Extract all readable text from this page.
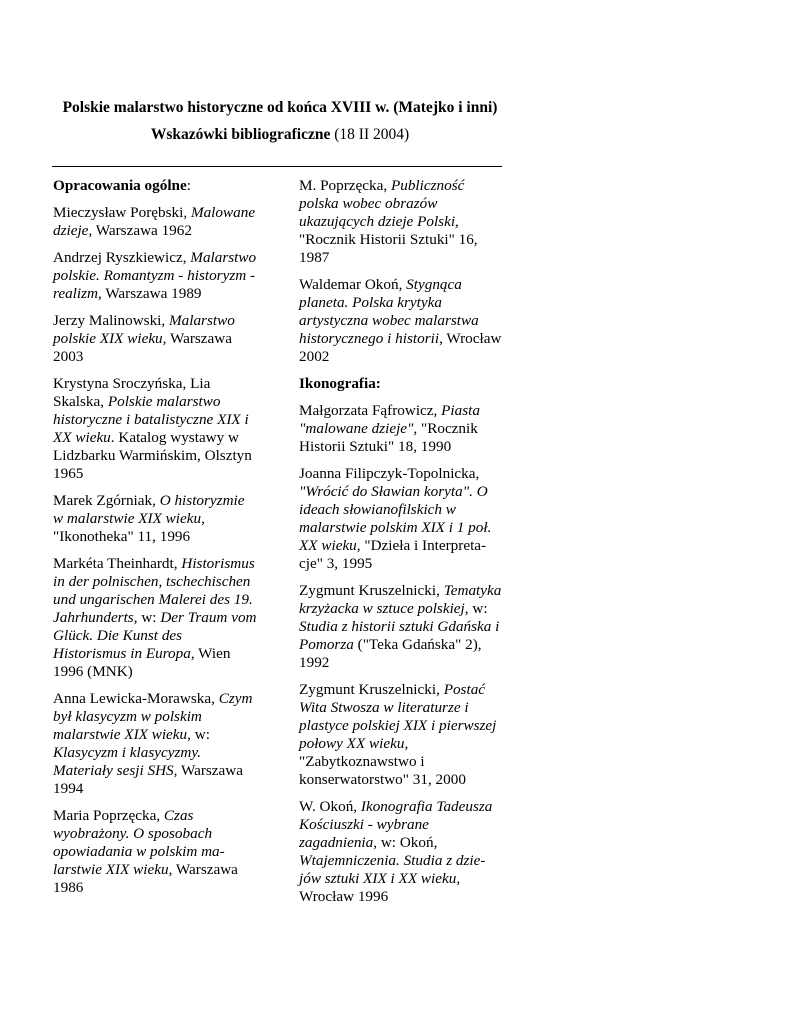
Polskie malarstwo historyczne od końca XVIII w. (Matejko i inni)
Wskazówki bibliograficzne (18 II 2004)
Opracowania ogólne:
Mieczysław Porębski, Malowane dzieje, Warszawa 1962
Andrzej Ryszkiewicz, Malarstwo polskie. Romantyzm - historyzm - realizm, Warszawa 1989
Jerzy Malinowski, Malarstwo polskie XIX wieku, Warszawa 2003
Krystyna Sroczyńska, Lia Skalska, Polskie malarstwo historyczne i batalistyczne XIX i XX wieku. Katalog wystawy w Lidzbarku Warmińskim, Olsztyn 1965
Marek Zgórniak, O historyzmie w malarstwie XIX wieku, "Ikonotheka" 11, 1996
Markéta Theinhardt, Historismus in der polnischen, tschechischen und ungarischen Malerei des 19. Jahrhunderts, w: Der Traum vom Glück. Die Kunst des Historismus in Europa, Wien 1996 (MNK)
Anna Lewicka-Morawska, Czym był klasycyzm w polskim malarstwie XIX wieku, w: Klasycyzm i klasycyzmy. Materiały sesji SHS, Warszawa 1994
Maria Poprzęcka, Czas wyobrażony. O sposobach opowiadania w polskim ma-larstwie XIX wieku, Warszawa 1986
M. Poprzęcka, Publiczność polska wobec obrazów ukazujących dzieje Polski, "Rocznik Historii Sztuki" 16, 1987
Waldemar Okoń, Stygnąca planeta. Polska krytyka artystyczna wobec malarstwa historycznego i historii, Wrocław 2002
Ikonografia:
Małgorzata Fąfrowicz, Piasta "malowane dzieje", "Rocznik Historii Sztuki" 18, 1990
Joanna Filipczyk-Topolnicka, "Wrócić do Sławian koryta". O ideach słowianofilskich w malarstwie polskim XIX i 1 poł. XX wieku, "Dzieła i Interpreta-cje" 3, 1995
Zygmunt Kruszelnicki, Tematyka krzyżacka w sztuce polskiej, w: Studia z historii sztuki Gdańska i Pomorza ("Teka Gdańska" 2), 1992
Zygmunt Kruszelnicki, Postać Wita Stwosza w literaturze i plastyce polskiej XIX i pierwszej połowy XX wieku, "Zabytkoznawstwo i konserwatorstwo" 31, 2000
W. Okoń, Ikonografia Tadeusza Kościuszki - wybrane zagadnienia, w: Okoń, Wtajemniczenia. Studia z dzie-jów sztuki XIX i XX wieku, Wrocław 1996
